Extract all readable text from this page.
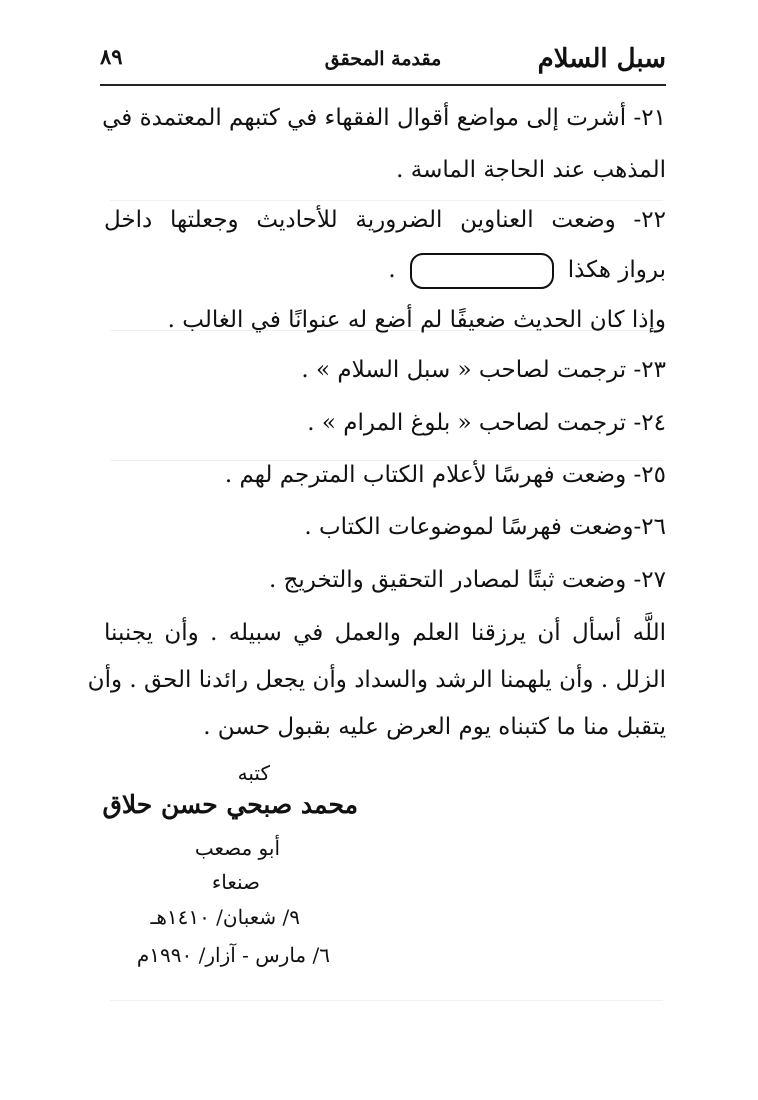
سبل السلام
مقدمة المحقق
٨٩
٢١- أشرت إلى مواضع أقوال الفقهاء في كتبهم المعتمدة في
المذهب عند الحاجة الماسة .
٢٢- وضعت العناوين الضرورية للأحاديث وجعلتها داخل
برواز هكذا.
وإذا كان الحديث ضعيفًا لم أضع له عنوانًا في الغالب .
٢٣- ترجمت لصاحب « سبل السلام » .
٢٤- ترجمت لصاحب « بلوغ المرام » .
٢٥- وضعت فهرسًا لأعلام الكتاب المترجم لهم .
٢٦-وضعت فهرسًا لموضوعات الكتاب .
٢٧- وضعت ثبتًا لمصادر التحقيق والتخريج .
اللَّه أسأل أن يرزقنا العلم والعمل في سبيله . وأن يجنبنا
الزلل . وأن يلهمنا الرشد والسداد وأن يجعل رائدنا الحق . وأن
يتقبل منا ما كتبناه يوم العرض عليه بقبول حسن .
كتبه
محمد صبحي حسن حلاق
أبو مصعب
صنعاء
٩/ شعبان/ ١٤١٠هـ
٦/ مارس - آزار/ ١٩٩٠م
